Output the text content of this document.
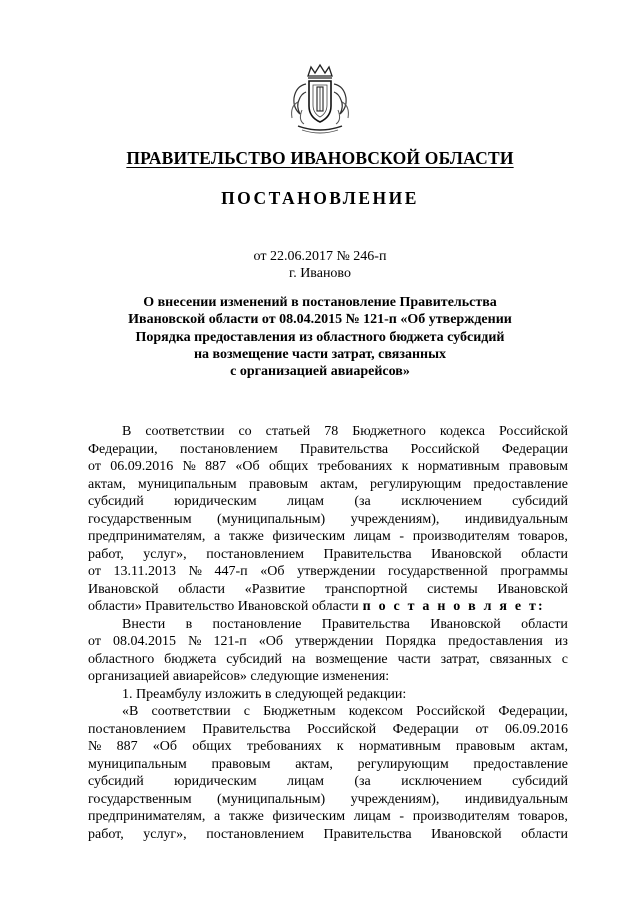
ПРАВИТЕЛЬСТВО ИВАНОВСКОЙ ОБЛАСТИ
ПОСТАНОВЛЕНИЕ
от 22.06.2017 № 246-п
г. Иваново
О внесении изменений в постановление Правительства
Ивановской области от 08.04.2015 № 121-п «Об утверждении
Порядка предоставления из областного бюджета субсидий
на возмещение части затрат, связанных
с организацией авиарейсов»
В соответствии со статьей 78 Бюджетного кодекса Российской
Федерации, постановлением Правительства Российской Федерации
от 06.09.2016 № 887 «Об общих требованиях к нормативным правовым
актам, муниципальным правовым актам, регулирующим предоставление
субсидий юридическим лицам (за исключением субсидий
государственным (муниципальным) учреждениям), индивидуальным
предпринимателям, а также физическим лицам - производителям товаров,
работ, услуг», постановлением Правительства Ивановской области
от 13.11.2013 № 447-п «Об утверждении государственной программы
Ивановской области «Развитие транспортной системы Ивановской
области» Правительство Ивановской области п о с т а н о в л я е т:
Внести в постановление Правительства Ивановской области
от 08.04.2015 № 121-п «Об утверждении Порядка предоставления из
областного бюджета субсидий на возмещение части затрат, связанных с
организацией авиарейсов» следующие изменения:
1. Преамбулу изложить в следующей редакции:
«В соответствии с Бюджетным кодексом Российской Федерации,
постановлением Правительства Российской Федерации от 06.09.2016
№ 887 «Об общих требованиях к нормативным правовым актам,
муниципальным правовым актам, регулирующим предоставление
субсидий юридическим лицам (за исключением субсидий
государственным (муниципальным) учреждениям), индивидуальным
предпринимателям, а также физическим лицам - производителям товаров,
работ, услуг», постановлением Правительства Ивановской области
